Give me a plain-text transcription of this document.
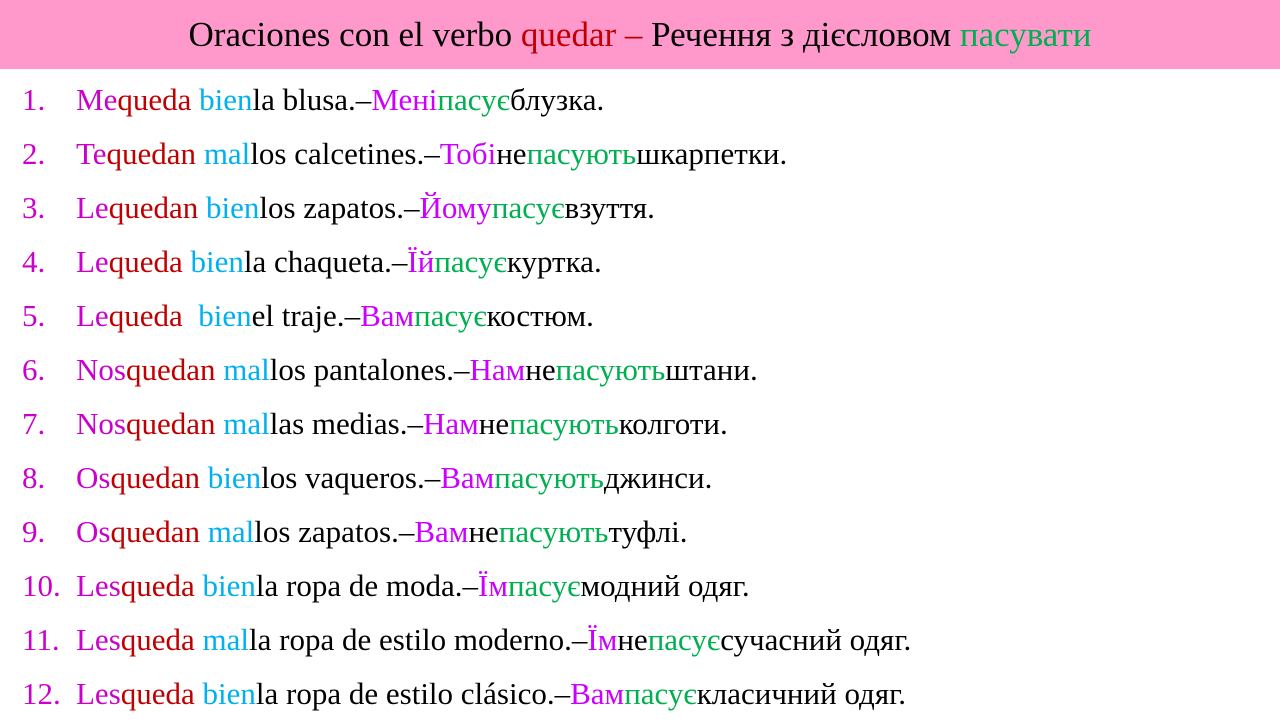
Oraciones con el verbo quedar – Речення з дієсловом пасувати
1. Me queda
bien la blusa. – Мені пасує блузка.
2. Te quedan
mal los calcetines. – Тобі не пасують шкарпетки.
3. Le quedan
bien los zapatos. – Йому пасує взуття.
4. Le queda
bien la chaqueta. – Їй пасує куртка.
5. Le queda
bien el traje. – Вам пасує костюм.
6. Nos quedan
mal los pantalones. – Нам не пасують штани.
7. Nos quedan
mal las medias. – Нам не пасують колготи.
8. Os quedan
bien los vaqueros. – Вам пасують джинси.
9. Os quedan
mal los zapatos. – Вам не пасують туфлі.
10. Les queda
bien la ropa de moda. – Їм пасує модний одяг.
11. Les queda
mal la ropa de estilo moderno. – Їм не пасує сучасний одяг.
12. Les queda
bien la ropa de estilo clásico. – Вам пасує класичний одяг.
